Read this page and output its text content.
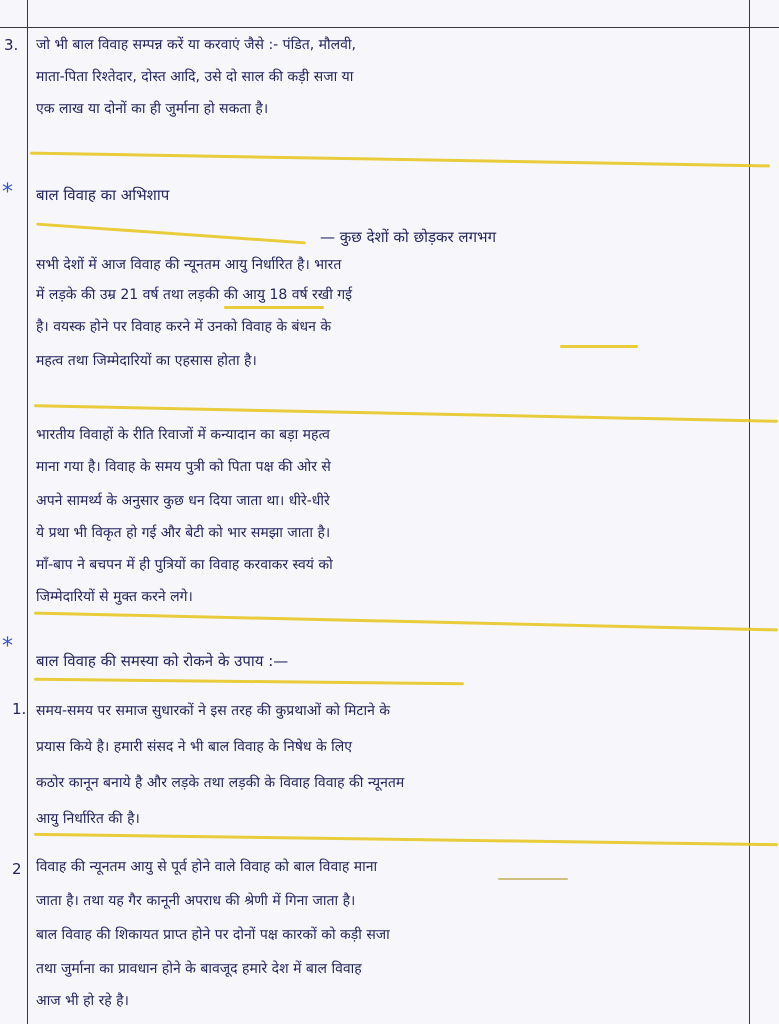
3. जो भी बाल विवाह सम्पन्न करें या करवाएं जैसे :- पंडित, मौलवी,
माता-पिता रिश्तेदार, दोस्त आदि, उसे दो साल की कड़ी सजा या
एक लाख या दोनों का ही जुर्माना हो सकता है।
* बाल विवाह का अभिशाप
— कुछ देशों को छोड़कर लगभग
सभी देशों में आज विवाह की न्यूनतम आयु निर्धारित है। भारत
में लड़के की उम्र 21 वर्ष तथा लड़की की आयु 18 वर्ष रखी गई
है। वयस्क होने पर विवाह करने में उनको विवाह के बंधन के
महत्व तथा जिम्मेदारियों का एहसास होता है।
भारतीय विवाहों के रीति रिवाजों में कन्यादान का बड़ा महत्व
माना गया है। विवाह के समय पुत्री को पिता पक्ष की ओर से
अपने सामर्थ्य के अनुसार कुछ धन दिया जाता था। धीरे-धीरे
ये प्रथा भी विकृत हो गई और बेटी को भार समझा जाता है।
माँ-बाप ने बचपन में ही पुत्रियों का विवाह करवाकर स्वयं को
जिम्मेदारियों से मुक्त करने लगे।
*
बाल विवाह की समस्या को रोकने के उपाय :—
1. समय-समय पर समाज सुधारकों ने इस तरह की कुप्रथाओं को मिटाने के
प्रयास किये है। हमारी संसद ने भी बाल विवाह के निषेध के लिए
कठोर कानून बनाये है और लड़के तथा लड़की के विवाह विवाह की न्यूनतम
आयु निर्धारित की है।
2 विवाह की न्यूनतम आयु से पूर्व होने वाले विवाह को बाल विवाह माना
जाता है। तथा यह गैर कानूनी अपराध की श्रेणी में गिना जाता है।
बाल विवाह की शिकायत प्राप्त होने पर दोनों पक्ष कारकों को कड़ी सजा
तथा जुर्माना का प्रावधान होने के बावजूद हमारे देश में बाल विवाह
आज भी हो रहे है।
